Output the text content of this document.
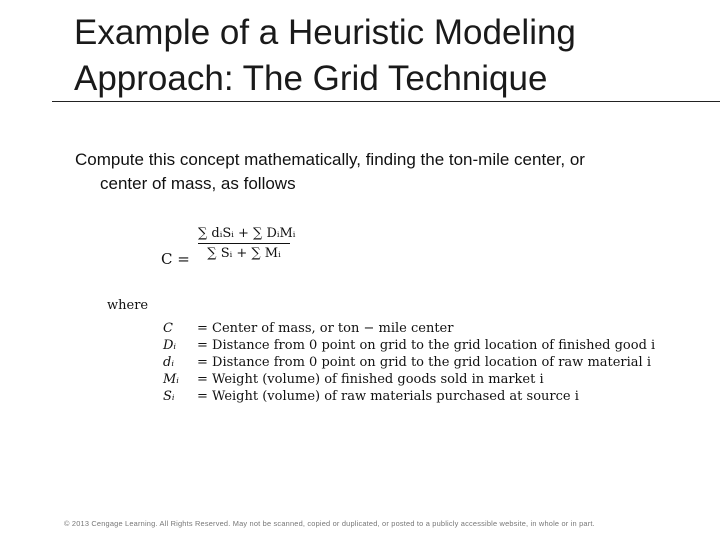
Example of a Heuristic Modeling
Approach: The Grid Technique
Compute this concept mathematically, finding the ton-mile center, or
center of mass, as follows
C =
∑ dᵢSᵢ + ∑ DᵢMᵢ
∑ Sᵢ + ∑ Mᵢ
where
C = Center of mass, or ton − mile center
Dᵢ = Distance from 0 point on grid to the grid location of finished good i
dᵢ = Distance from 0 point on grid to the grid location of raw material i
Mᵢ = Weight (volume) of finished goods sold in market i
Sᵢ = Weight (volume) of raw materials purchased at source i
© 2013 Cengage Learning. All Rights Reserved. May not be scanned, copied or duplicated, or posted to a publicly accessible website, in whole or in part.
